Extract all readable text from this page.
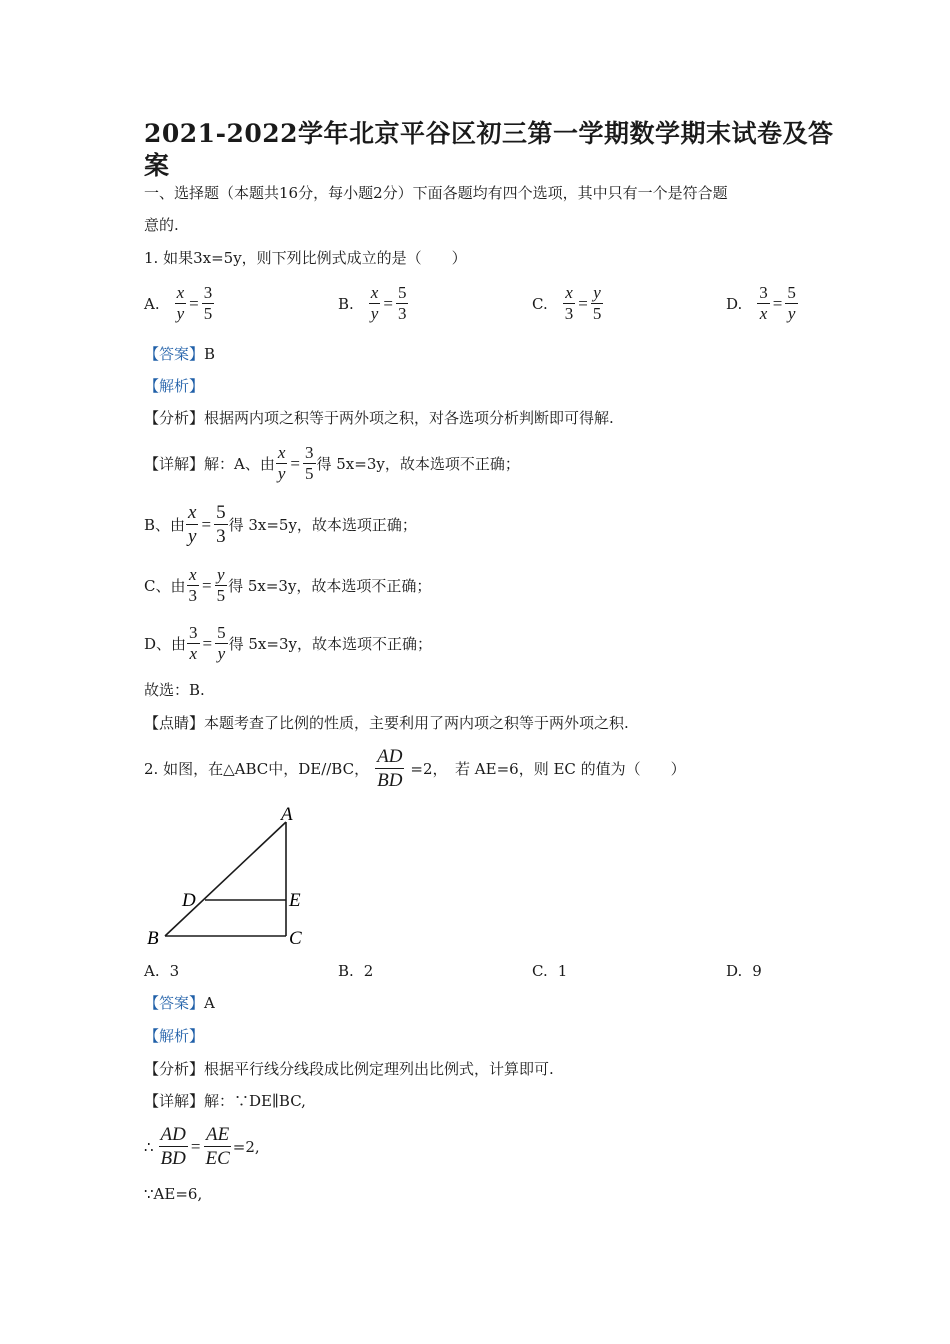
2021-2022学年北京平谷区初三第一学期数学期末试卷及答
案
一、选择题（本题共16分，每小题2分）下面各题均有四个选项，其中只有一个是符合题
意的.
1. 如果3x=5y，则下列比例式成立的是（　　）
A. $\frac{x}{y} = \frac{3}{5}$	B. $\frac{x}{y} = \frac{5}{3}$	C. $\frac{x}{3} = \frac{y}{5}$	D. $\frac{3}{x} = \frac{5}{y}$
【答案】B
【解析】
【分析】根据两内项之积等于两外项之积，对各选项分析判断即可得解.
【详解】 解：A、由 $\frac{x}{y} = \frac{3}{5}$ 得 5x=3y，故本选项不正确；
B、由 $\frac{x}{y} = \frac{5}{3}$ 得 3x=5y，故本选项正确；
C、由 $\frac{x}{3} = \frac{y}{5}$ 得 5x=3y，故本选项不正确；
D、由 $\frac{3}{x} = \frac{5}{y}$ 得 5x=3y，故本选项不正确；
故选：B.
【点睛】本题考查了比例的性质，主要利用了两内项之积等于两外项之积.
2. 如图，在△ABC中，DE//BC， $\frac{AD}{BD} =2$，　若 AE=6，则 EC 的值为（　　）
A
B	C
D	E
A. 3	B. 2	C. 1	D. 9
【答案】A
【解析】
【分析】根据平行线分线段成比例定理列出比例式，计算即可.
【详解】解：∵DE∥BC,
∴ $\frac{AD}{BD} = \frac{AE}{EC} =2$,
∵AE=6,
